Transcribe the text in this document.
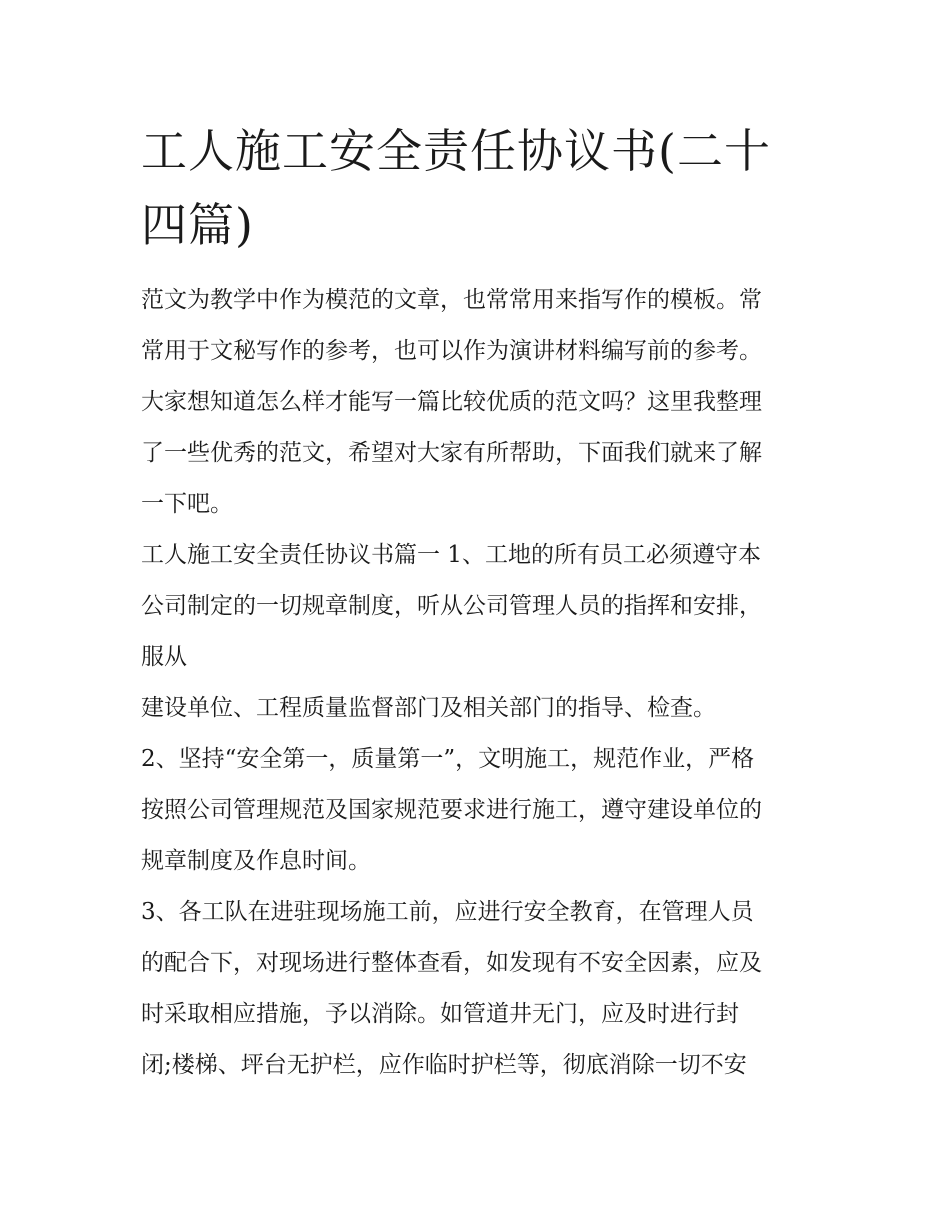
工人施工安全责任协议书(二十
四篇)

范文为教学中作为模范的文章，也常常用来指写作的模板。常

常用于文秘写作的参考，也可以作为演讲材料编写前的参考。

大家想知道怎么样才能写一篇比较优质的范文吗？这里我整理

了一些优秀的范文，希望对大家有所帮助，下面我们就来了解

一下吧。

工人施工安全责任协议书篇一 1、工地的所有员工必须遵守本

公司制定的一切规章制度，听从公司管理人员的指挥和安排，

服从

建设单位、工程质量监督部门及相关部门的指导、检查。

2、坚持“安全第一，质量第一”，文明施工，规范作业，严格

按照公司管理规范及国家规范要求进行施工，遵守建设单位的

规章制度及作息时间。

3、各工队在进驻现场施工前，应进行安全教育，在管理人员

的配合下，对现场进行整体查看，如发现有不安全因素，应及

时采取相应措施，予以消除。如管道井无门，应及时进行封

闭;楼梯、坪台无护栏，应作临时护栏等，彻底消除一切不安
